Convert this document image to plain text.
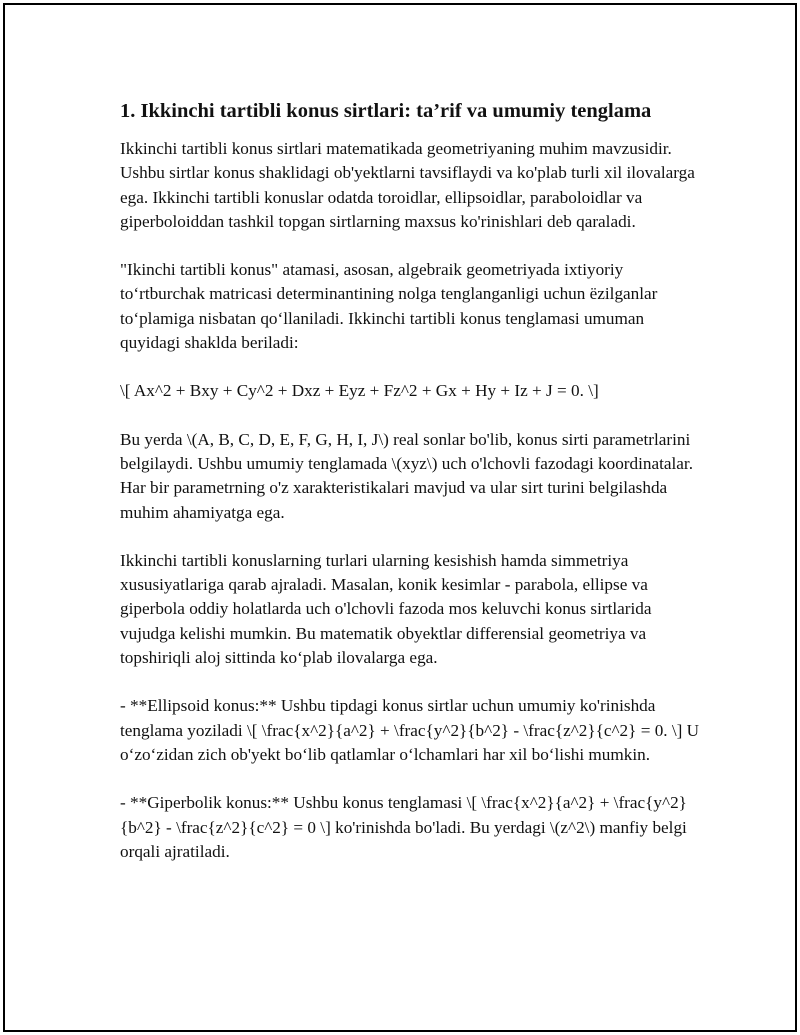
1. Ikkinchi tartibli konus sirtlari: ta’rif va umumiy tenglama

Ikkinchi tartibli konus sirtlari matematikada geometriyaning muhim mavzusidir. Ushbu sirtlar konus shaklidagi ob'yektlarni tavsiflaydi va ko'plab turli xil ilovalarga ega. Ikkinchi tartibli konuslar odatda toroidlar, ellipsoidlar, paraboloidlar va giperboloiddan tashkil topgan sirtlarning maxsus ko'rinishlari deb qaraladi.

"Ikinchi tartibli konus" atamasi, asosan, algebraik geometriyada ixtiyoriy to‘rtburchak matricasi determinantining nolga tenglanganligi uchun ëzilganlar to‘plamiga nisbatan qo‘llaniladi. Ikkinchi tartibli konus tenglamasi umuman quyidagi shaklda beriladi:

\[ Ax^2 + Bxy + Cy^2 + Dxz + Eyz + Fz^2 + Gx + Hy + Iz + J = 0. \]

Bu yerda \(A, B, C, D, E, F, G, H, I, J\) real sonlar bo'lib, konus sirti parametrlarini belgilaydi. Ushbu umumiy tenglamada \(xyz\) uch o'lchovli fazodagi koordinatalar. Har bir parametrning o'z xarakteristikalari mavjud va ular sirt turini belgilashda muhim ahamiyatga ega.

Ikkinchi tartibli konuslarning turlari ularning kesishish hamda simmetriya xususiyatlariga qarab ajraladi. Masalan, konik kesimlar - parabola, ellipse va giperbola oddiy holatlarda uch o'lchovli fazoda mos keluvchi konus sirtlarida vujudga kelishi mumkin. Bu matematik obyektlar differensial geometriya va topshiriqli aloj sittinda ko‘plab ilovalarga ega.

- **Ellipsoid konus:** Ushbu tipdagi konus sirtlar uchun umumiy ko'rinishda tenglama yoziladi \[ \frac{x^2}{a^2} + \frac{y^2}{b^2} - \frac{z^2}{c^2} = 0. \] U o‘zo‘zidan zich ob'yekt bo‘lib qatlamlar o‘lchamlari har xil bo‘lishi mumkin.

- **Giperbolik konus:** Ushbu konus tenglamasi \[ \frac{x^2}{a^2} + \frac{y^2}{b^2} - \frac{z^2}{c^2} = 0 \] ko'rinishda bo'ladi. Bu yerdagi \(z^2\) manfiy belgi orqali ajratiladi.
